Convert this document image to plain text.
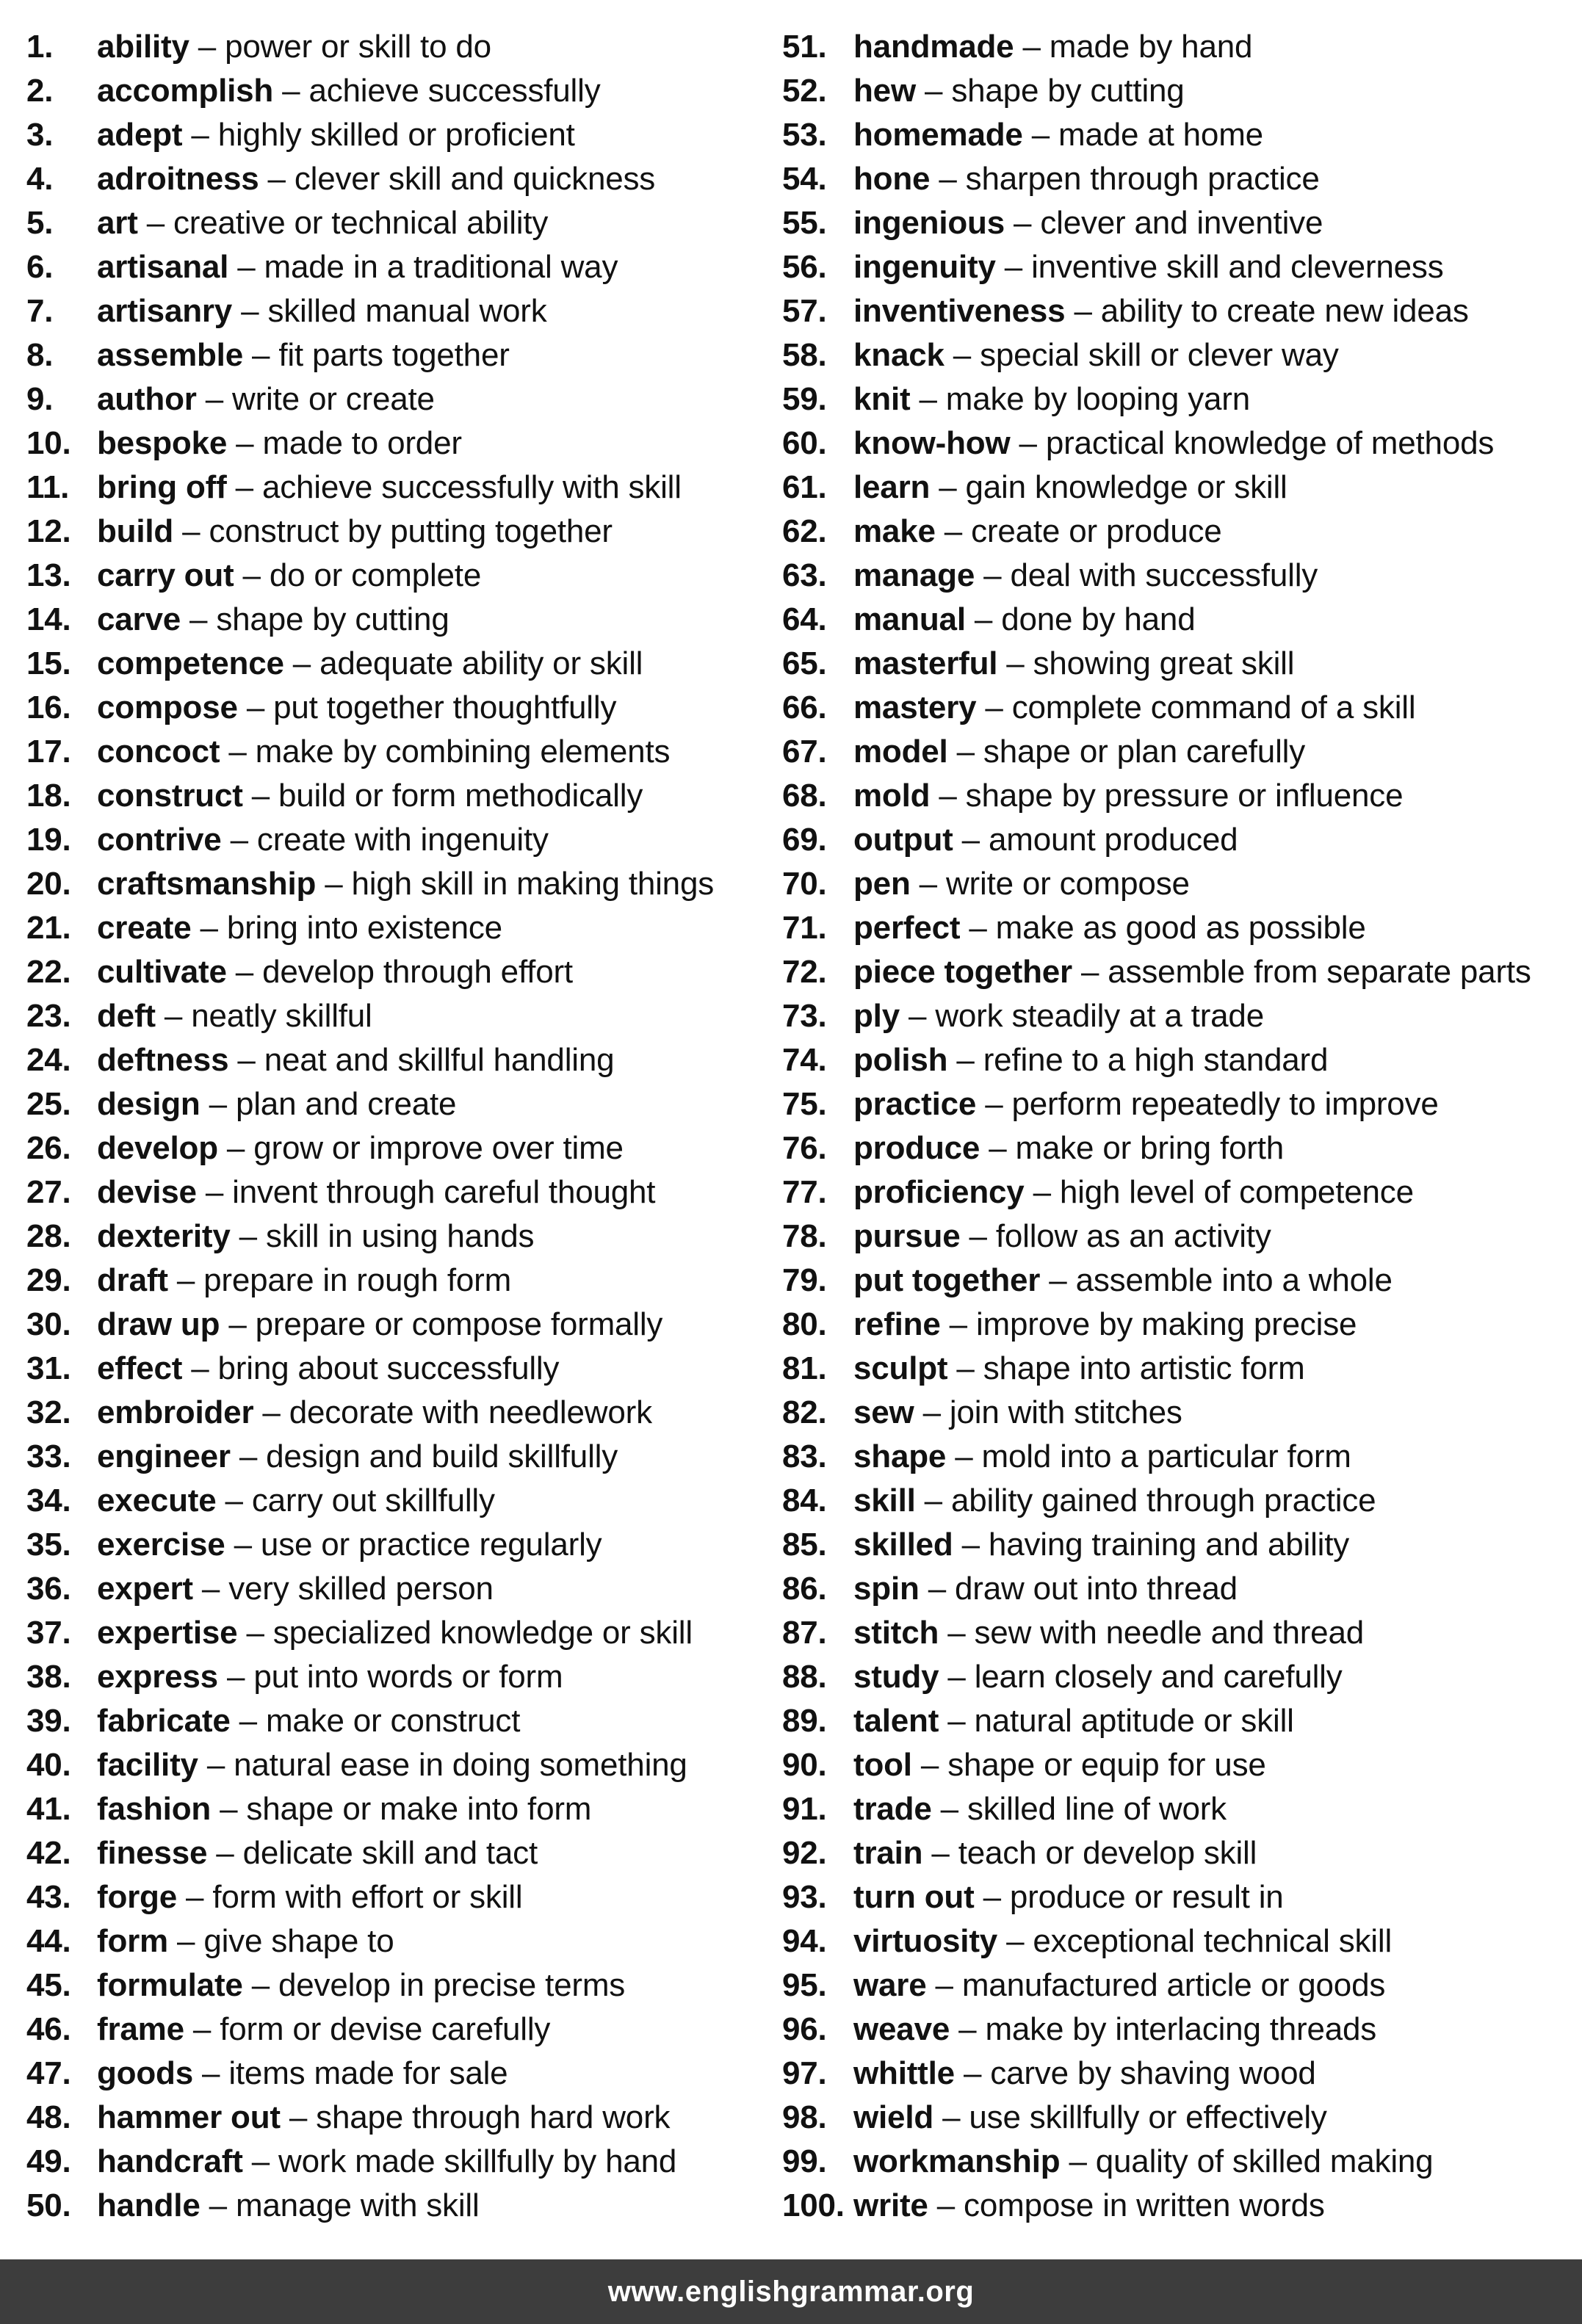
1. ability – power or skill to do
2. accomplish – achieve successfully
3. adept – highly skilled or proficient
4. adroitness – clever skill and quickness
5. art – creative or technical ability
6. artisanal – made in a traditional way
7. artisanry – skilled manual work
8. assemble – fit parts together
9. author – write or create
10. bespoke – made to order
11. bring off – achieve successfully with skill
12. build – construct by putting together
13. carry out – do or complete
14. carve – shape by cutting
15. competence – adequate ability or skill
16. compose – put together thoughtfully
17. concoct – make by combining elements
18. construct – build or form methodically
19. contrive – create with ingenuity
20. craftsmanship – high skill in making things
21. create – bring into existence
22. cultivate – develop through effort
23. deft – neatly skillful
24. deftness – neat and skillful handling
25. design – plan and create
26. develop – grow or improve over time
27. devise – invent through careful thought
28. dexterity – skill in using hands
29. draft – prepare in rough form
30. draw up – prepare or compose formally
31. effect – bring about successfully
32. embroider – decorate with needlework
33. engineer – design and build skillfully
34. execute – carry out skillfully
35. exercise – use or practice regularly
36. expert – very skilled person
37. expertise – specialized knowledge or skill
38. express – put into words or form
39. fabricate – make or construct
40. facility – natural ease in doing something
41. fashion – shape or make into form
42. finesse – delicate skill and tact
43. forge – form with effort or skill
44. form – give shape to
45. formulate – develop in precise terms
46. frame – form or devise carefully
47. goods – items made for sale
48. hammer out – shape through hard work
49. handcraft – work made skillfully by hand
50. handle – manage with skill
51. handmade – made by hand
52. hew – shape by cutting
53. homemade – made at home
54. hone – sharpen through practice
55. ingenious – clever and inventive
56. ingenuity – inventive skill and cleverness
57. inventiveness – ability to create new ideas
58. knack – special skill or clever way
59. knit – make by looping yarn
60. know-how – practical knowledge of methods
61. learn – gain knowledge or skill
62. make – create or produce
63. manage – deal with successfully
64. manual – done by hand
65. masterful – showing great skill
66. mastery – complete command of a skill
67. model – shape or plan carefully
68. mold – shape by pressure or influence
69. output – amount produced
70. pen – write or compose
71. perfect – make as good as possible
72. piece together – assemble from separate parts
73. ply – work steadily at a trade
74. polish – refine to a high standard
75. practice – perform repeatedly to improve
76. produce – make or bring forth
77. proficiency – high level of competence
78. pursue – follow as an activity
79. put together – assemble into a whole
80. refine – improve by making precise
81. sculpt – shape into artistic form
82. sew – join with stitches
83. shape – mold into a particular form
84. skill – ability gained through practice
85. skilled – having training and ability
86. spin – draw out into thread
87. stitch – sew with needle and thread
88. study – learn closely and carefully
89. talent – natural aptitude or skill
90. tool – shape or equip for use
91. trade – skilled line of work
92. train – teach or develop skill
93. turn out – produce or result in
94. virtuosity – exceptional technical skill
95. ware – manufactured article or goods
96. weave – make by interlacing threads
97. whittle – carve by shaving wood
98. wield – use skillfully or effectively
99. workmanship – quality of skilled making
100. write – compose in written words
www.englishgrammar.org
